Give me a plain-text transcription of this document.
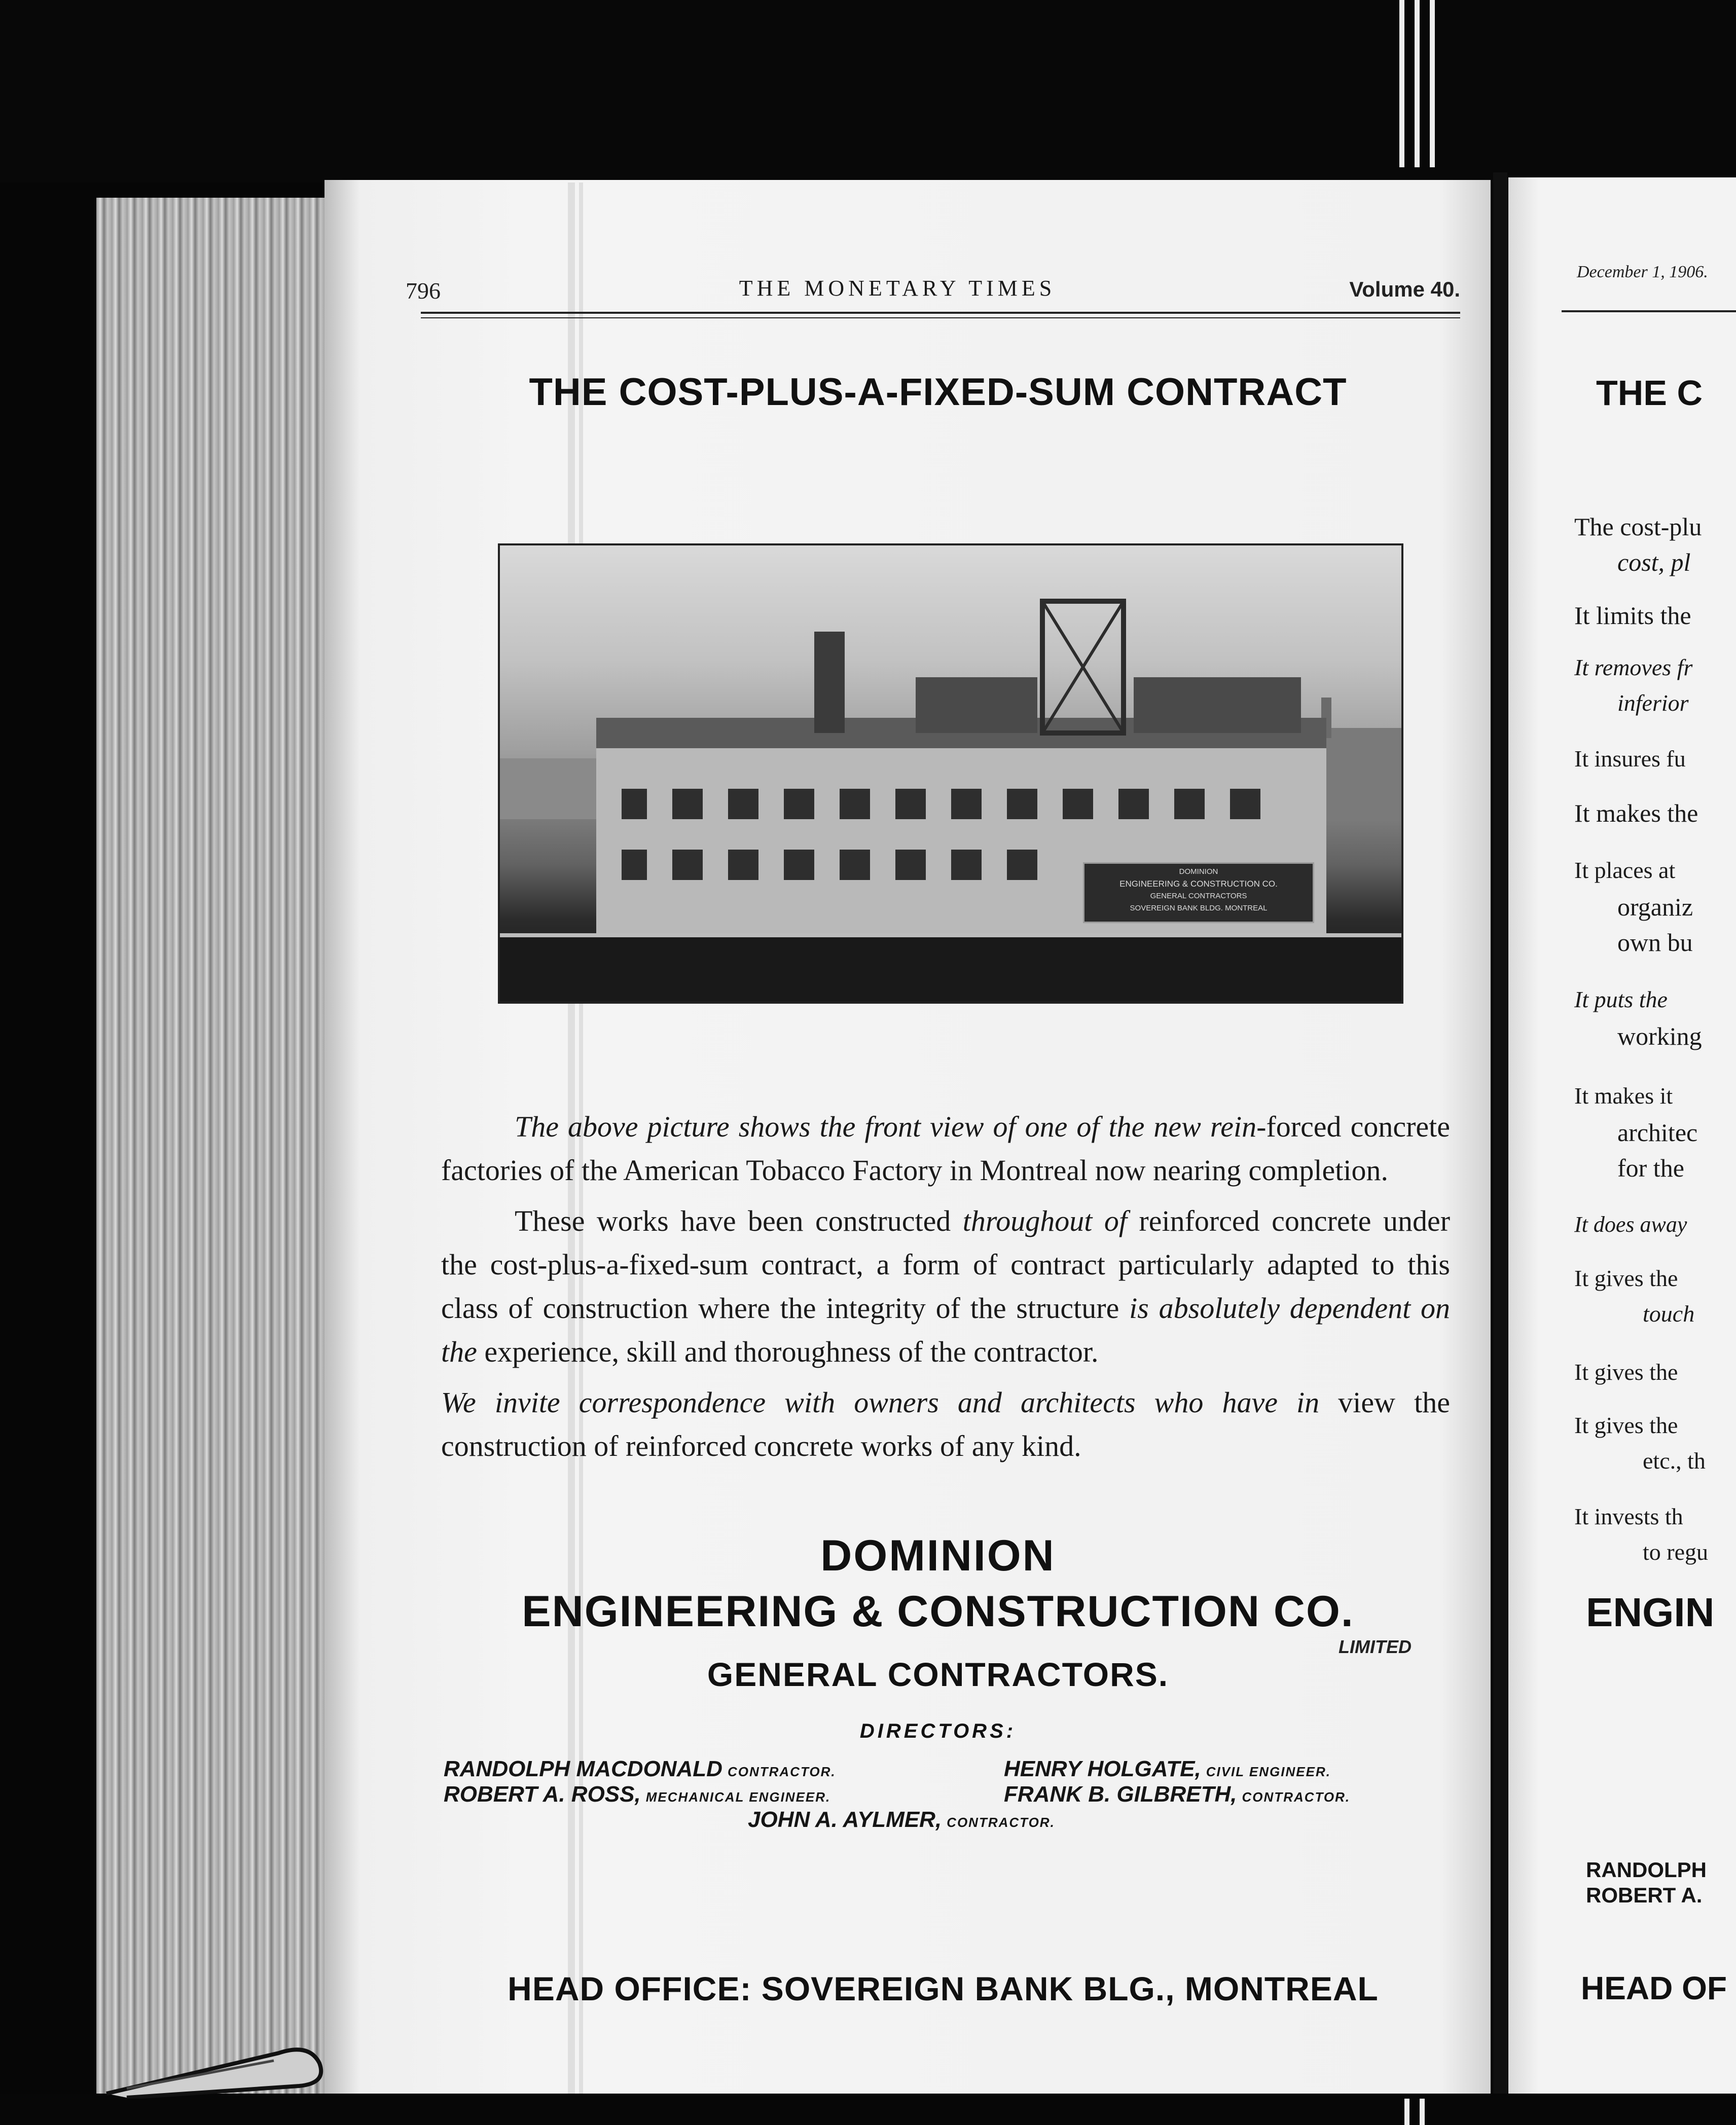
796	THE MONETARY TIMES	Volume 40.
THE COST-PLUS-A-FIXED-SUM CONTRACT
DOMINION
ENGINEERING & CONSTRUCTION CO.
GENERAL CONTRACTORS
SOVEREIGN BANK BLDG. MONTREAL

The above picture shows the front view of one of the new rein-forced concrete factories of the American Tobacco Factory in Montreal now nearing completion.

These works have been constructed throughout of reinforced concrete under the cost-plus-a-fixed-sum contract, a form of contract particularly adapted to this class of construction where the integrity of the structure is absolutely dependent on the experience, skill and thoroughness of the contractor.

We invite correspondence with owners and architects who have in view the construction of reinforced concrete works of any kind.

DOMINION
ENGINEERING & CONSTRUCTION CO.
LIMITED
GENERAL CONTRACTORS.
DIRECTORS:
RANDOLPH MACDONALD CONTRACTOR.	HENRY HOLGATE, CIVIL ENGINEER.
ROBERT A. ROSS, MECHANICAL ENGINEER.	FRANK B. GILBRETH, CONTRACTOR.
JOHN A. AYLMER, CONTRACTOR.
HEAD OFFICE: SOVEREIGN BANK BLG., MONTREAL
December 1, 1906.
THE C
The cost-plu
cost, pl
It limits the
It removes fr
inferior
It insures fu
It makes the
It places at
organiz
own bu
It puts the
working
It makes it
architec
for the
It does away
It gives the
touch
It gives the
It gives the
etc., th
It invests th
to regu
ENGIN
RANDOLPH
ROBERT A.
HEAD OF
